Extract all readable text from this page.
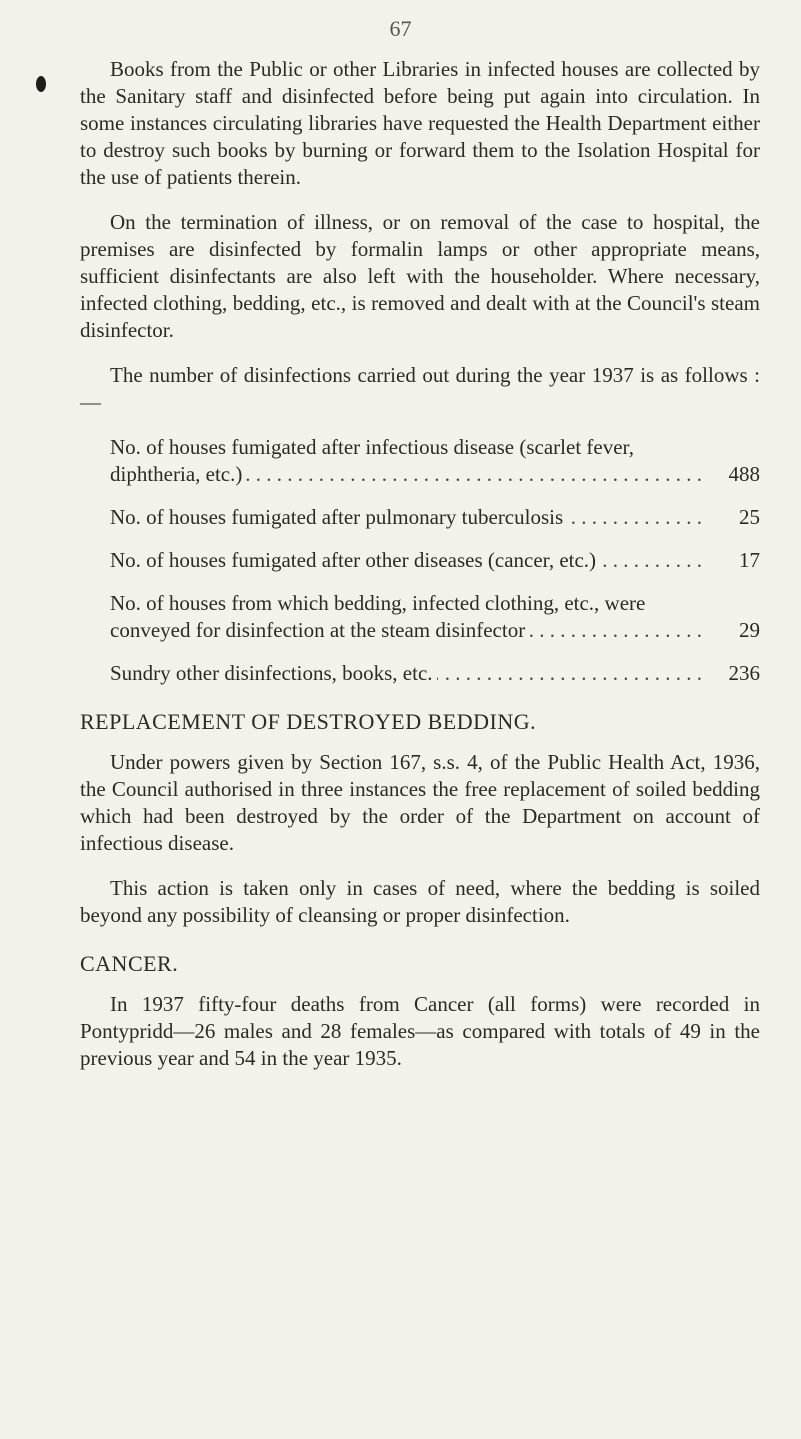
67

Books from the Public or other Libraries in infected houses are collected by the Sanitary staff and disinfected before being put again into circulation. In some instances circulating libraries have requested the Health Department either to destroy such books by burning or forward them to the Isolation Hospital for the use of patients therein.

On the termination of illness, or on removal of the case to hospital, the premises are disinfected by formalin lamps or other appropriate means, sufficient disinfectants are also left with the householder. Where necessary, infected clothing, bedding, etc., is removed and dealt with at the Council's steam disinfector.

The number of disinfections carried out during the year 1937 is as follows :—

No. of houses fumigated after infectious disease (scarlet fever, diphtheria, etc.) . . .	488
No. of houses fumigated after pulmonary tuberculosis . . .	25
No. of houses fumigated after other diseases (cancer, etc.) . . .	17
No. of houses from which bedding, infected clothing, etc., were conveyed for disinfection at the steam disinfector . . .	29
Sundry other disinfections, books, etc. . . .	236
REPLACEMENT OF DESTROYED BEDDING.

Under powers given by Section 167, s.s. 4, of the Public Health Act, 1936, the Council authorised in three instances the free replacement of soiled bedding which had been destroyed by the order of the Department on account of infectious disease.

This action is taken only in cases of need, where the bedding is soiled beyond any possibility of cleansing or proper disinfection.

CANCER.

In 1937 fifty-four deaths from Cancer (all forms) were recorded in Pontypridd—26 males and 28 females—as compared with totals of 49 in the previous year and 54 in the year 1935.
